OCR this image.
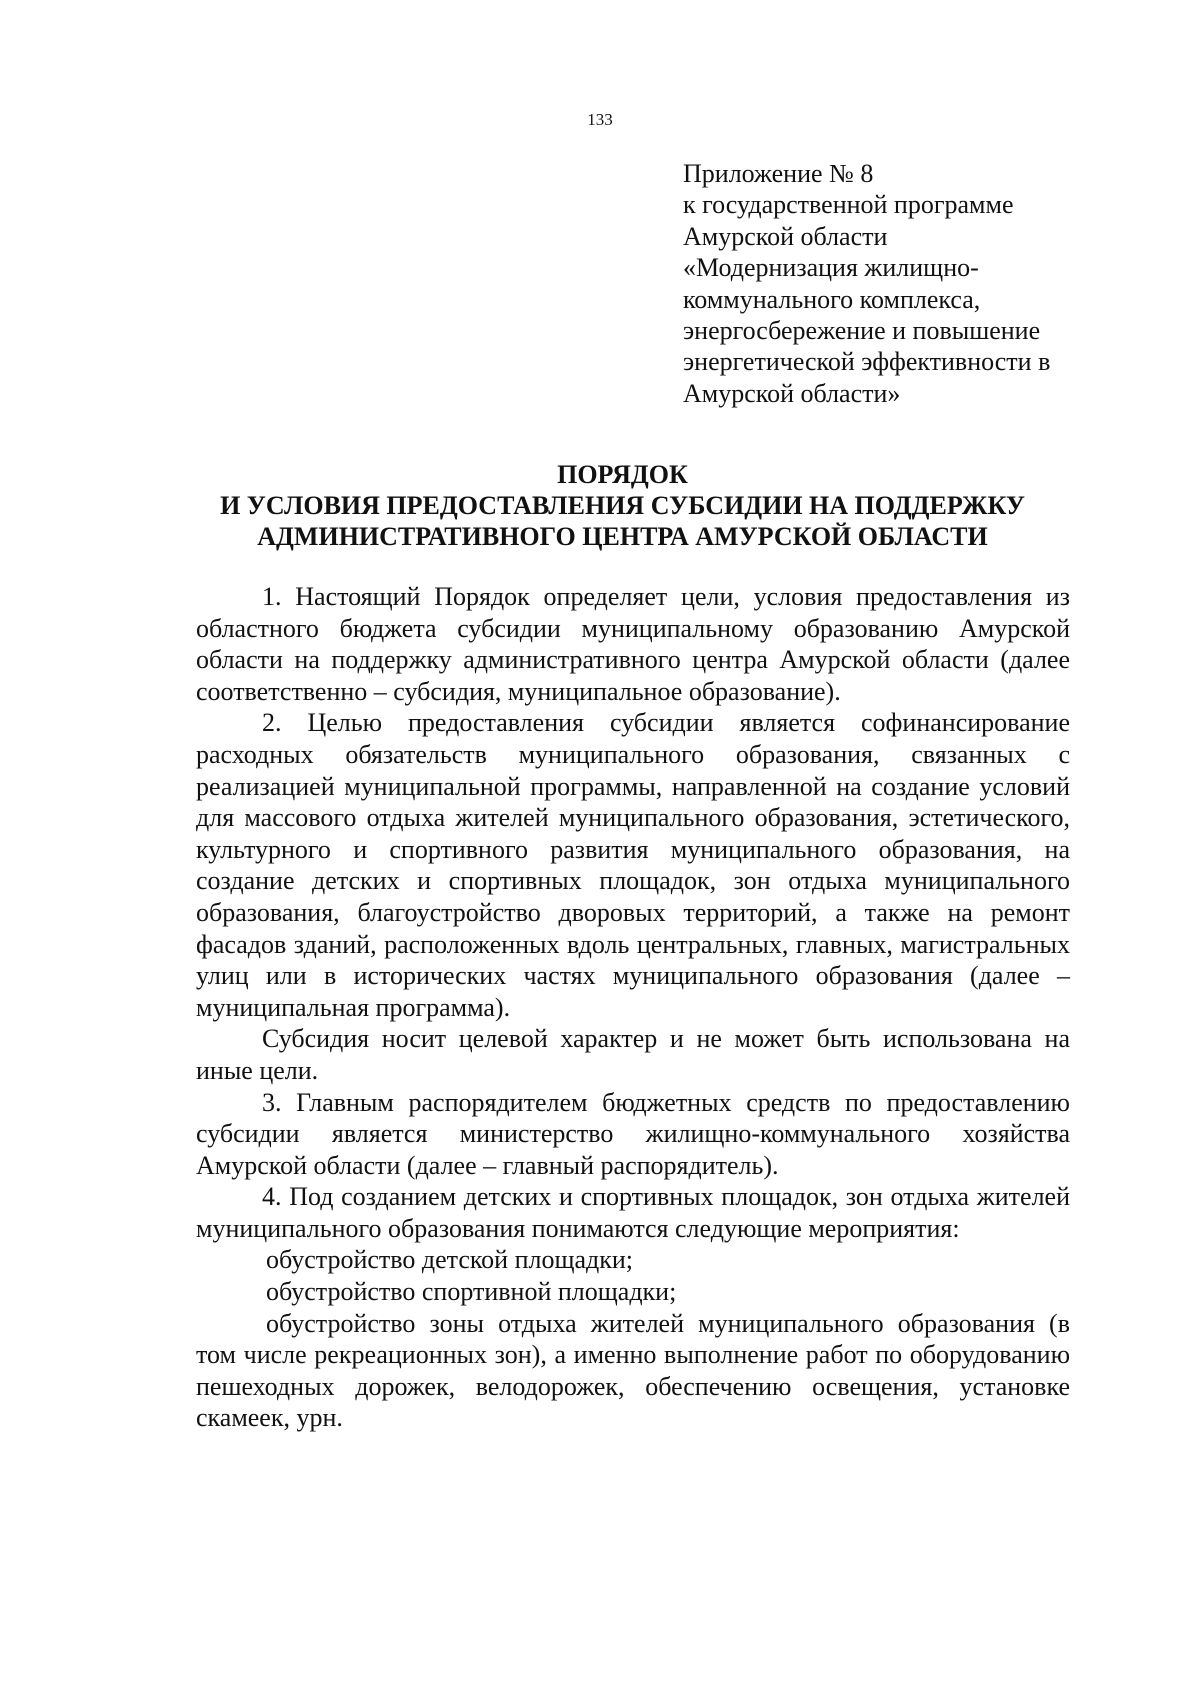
133
Приложение № 8
к государственной программе
Амурской области
«Модернизация жилищно-
коммунального комплекса,
энергосбережение и повышение
энергетической эффективности в
Амурской области»
ПОРЯДОК
И УСЛОВИЯ ПРЕДОСТАВЛЕНИЯ СУБСИДИИ НА ПОДДЕРЖКУ
АДМИНИСТРАТИВНОГО ЦЕНТРА АМУРСКОЙ ОБЛАСТИ

1. Настоящий Порядок определяет цели, условия предоставления из областного бюджета субсидии муниципальному образованию Амурской области на поддержку административного центра Амурской области (далее соответственно – субсидия, муниципальное образование).

2. Целью предоставления субсидии является софинансирование расходных обязательств муниципального образования, связанных с реализацией муниципальной программы, направленной на создание условий для массового отдыха жителей муниципального образования, эстетического, культурного и спортивного развития муниципального образования, на создание детских и спортивных площадок, зон отдыха муниципального образования, благоустройство дворовых территорий, а также на ремонт фасадов зданий, расположенных вдоль центральных, главных, магистральных улиц или в исторических частях муниципального образования (далее – муниципальная программа).

Субсидия носит целевой характер и не может быть использована на иные цели.

3. Главным распорядителем бюджетных средств по предоставлению субсидии является министерство жилищно-коммунального хозяйства Амурской области (далее – главный распорядитель).

4. Под созданием детских и спортивных площадок, зон отдыха жителей муниципального образования понимаются следующие мероприятия:

обустройство детской площадки;

обустройство спортивной площадки;

обустройство зоны отдыха жителей муниципального образования (в том числе рекреационных зон), а именно выполнение работ по оборудованию пешеходных дорожек, велодорожек, обеспечению освещения, установке скамеек, урн.
